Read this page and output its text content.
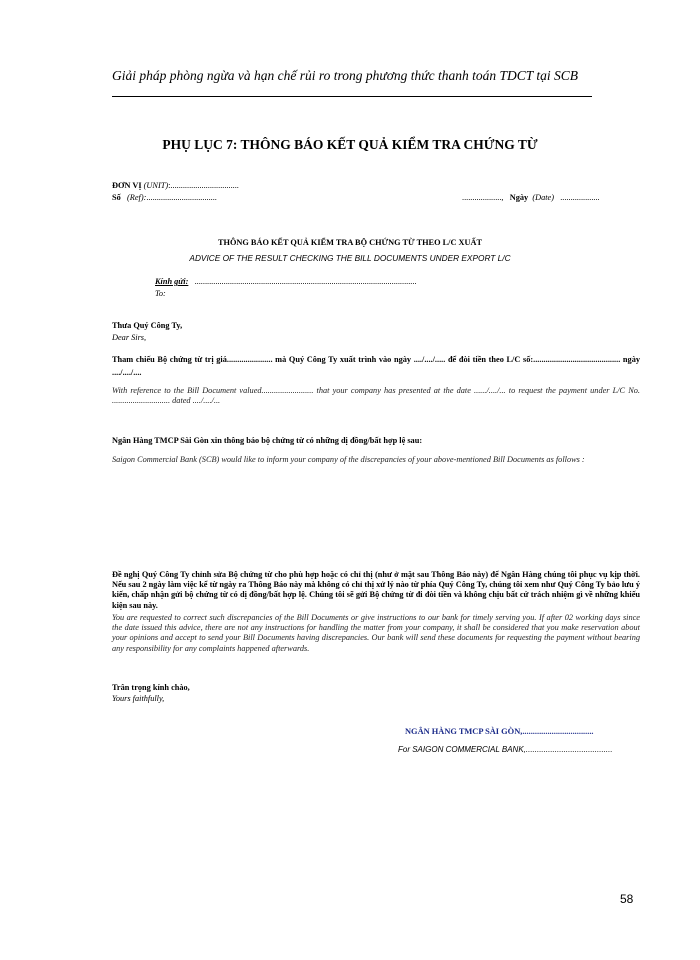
Giải pháp phòng ngừa và hạn chế rủi ro trong phương thức thanh toán TDCT tại SCB
PHỤ LỤC 7: THÔNG BÁO KẾT QUẢ KIỂM TRA CHỨNG TỪ
ĐƠN VỊ (UNIT):.................................
Số (Ref):..................................	..................., Ngày (Date) ...................
THÔNG BÁO KẾT QUẢ KIỂM TRA BỘ CHỨNG TỪ THEO L/C XUẤT
ADVICE OF THE RESULT CHECKING THE BILL DOCUMENTS UNDER EXPORT L/C
Kính gửi: ...........................................................................................................
To:
Thưa Quý Công Ty,
Dear Sirs,
Tham chiếu Bộ chứng từ trị giá...................... mà Quý Công Ty xuất trình vào ngày ..../..../..... để đòi tiền theo L/C số:.......................................... ngày ..../..../....
With reference to the Bill Document valued......................... that your company has presented at the date ....../..../... to request the payment under L/C No. ............................ dated ..../..../...
Ngân Hàng TMCP Sài Gòn xin thông báo bộ chứng từ có những dị đồng/bất hợp lệ sau:
Saigon Commercial Bank (SCB) would like to inform your company of the discrepancies of your above-mentioned Bill Documents as follows :
Đề nghị Quý Công Ty chỉnh sửa Bộ chứng từ cho phù hợp hoặc có chỉ thị (như ở mặt sau Thông Báo này) để Ngân Hàng chúng tôi phục vụ kịp thời. Nếu sau 2 ngày làm việc kể từ ngày ra Thông Báo này mà không có chỉ thị xử lý nào từ phía Quý Công Ty, chúng tôi xem như Quý Công Ty bảo lưu ý kiến, chấp nhận gửi bộ chứng từ có dị đồng/bất hợp lệ. Chúng tôi sẽ gửi Bộ chứng từ đi đòi tiền và không chịu bất cứ trách nhiệm gì về những khiếu kiện sau này.
You are requested to correct such discrepancies of the Bill Documents or give instructions to our bank for timely serving you. If after 02 working days since the date issued this advice, there are not any instructions for handling the matter from your company, it shall be considered that you make reservation about your opinions and accept to send your Bill Documents having discrepancies. Our bank will send these documents for requesting the payment without bearing any responsibility for any complaints happened afterwards.
Trân trọng kính chào,
Yours faithfully,
NGÂN HÀNG TMCP SÀI GÒN,..................................
For SAIGON COMMERCIAL BANK,.......................................
58
